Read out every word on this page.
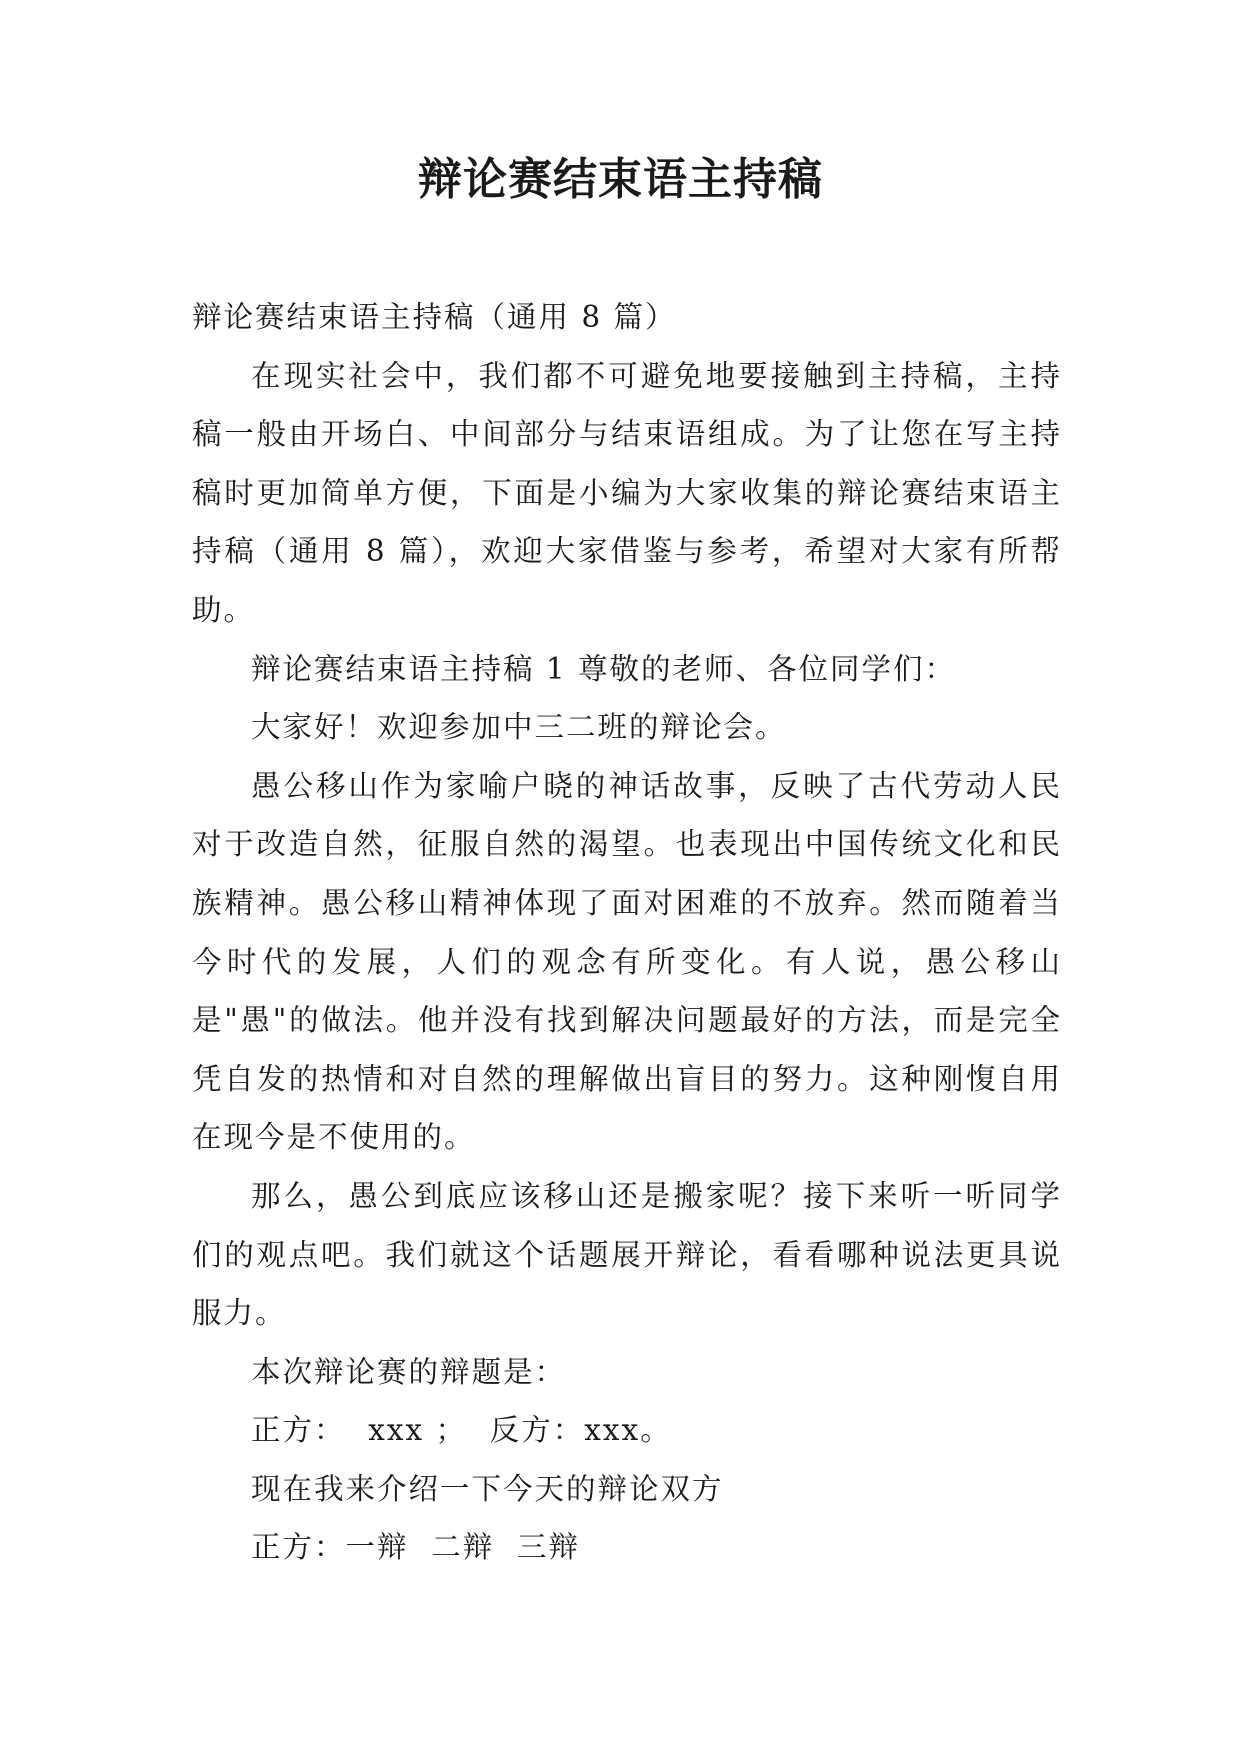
辩论赛结束语主持稿

辩论赛结束语主持稿（通用 8 篇）

在现实社会中，我们都不可避免地要接触到主持稿，主持稿一般由开场白、中间部分与结束语组成。为了让您在写主持稿时更加简单方便，下面是小编为大家收集的辩论赛结束语主持稿（通用 8 篇），欢迎大家借鉴与参考，希望对大家有所帮助。

辩论赛结束语主持稿 1 尊敬的老师、各位同学们：

大家好！欢迎参加中三二班的辩论会。

愚公移山作为家喻户晓的神话故事，反映了古代劳动人民对于改造自然，征服自然的渴望。也表现出中国传统文化和民族精神。愚公移山精神体现了面对困难的不放弃。然而随着当今时代的发展，人们的观念有所变化。有人说，愚公移山是"愚"的做法。他并没有找到解决问题最好的方法，而是完全凭自发的热情和对自然的理解做出盲目的努力。这种刚愎自用在现今是不使用的。

那么，愚公到底应该移山还是搬家呢？接下来听一听同学们的观点吧。我们就这个话题展开辩论，看看哪种说法更具说服力。

本次辩论赛的辩题是：

正方：  xxx ；  反方：xxx。

现在我来介绍一下今天的辩论双方

正方：一辩  二辩  三辩
